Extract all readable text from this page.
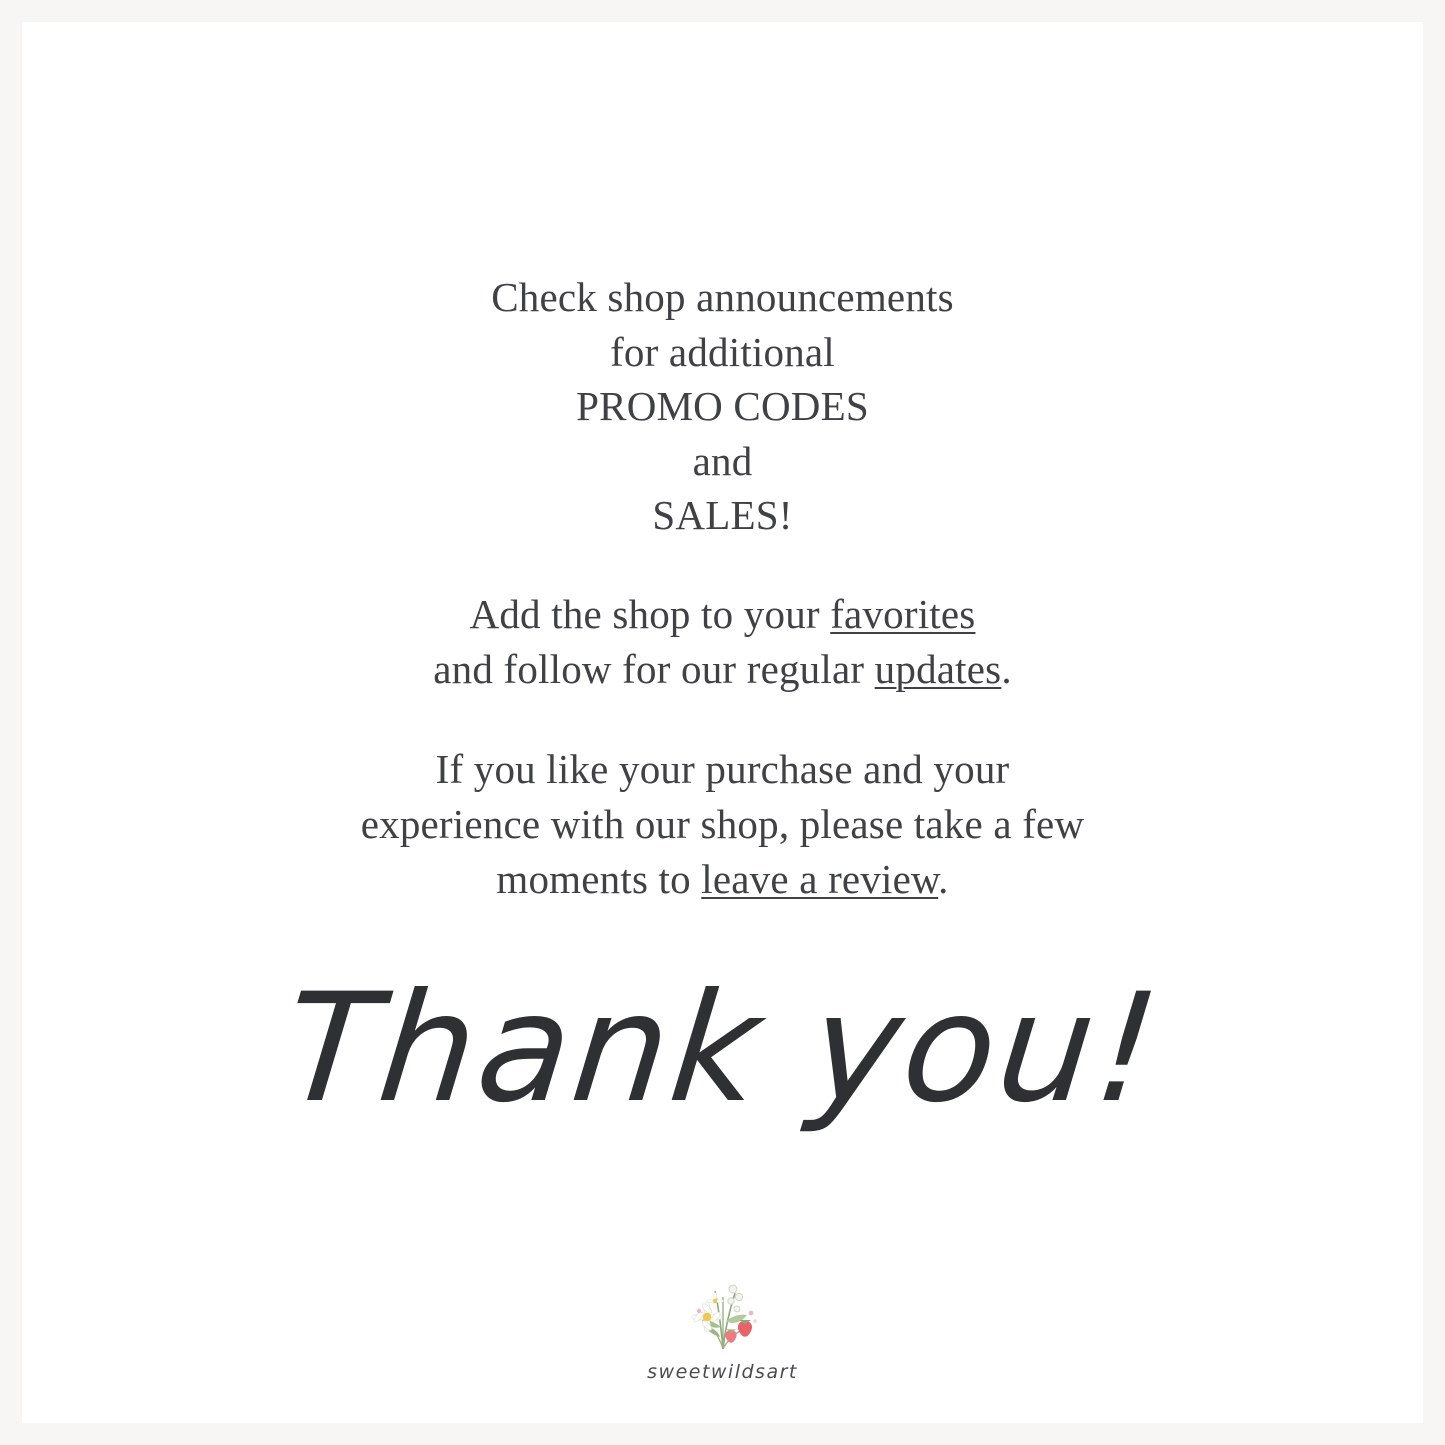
Check shop announcements
for additional
PROMO CODES
and
SALES!
Add the shop to your favorites
and follow for our regular updates.
If you like your purchase and your
experience with our shop, please take a few
moments to leave a review.
Thank you!
sweetwildsart
